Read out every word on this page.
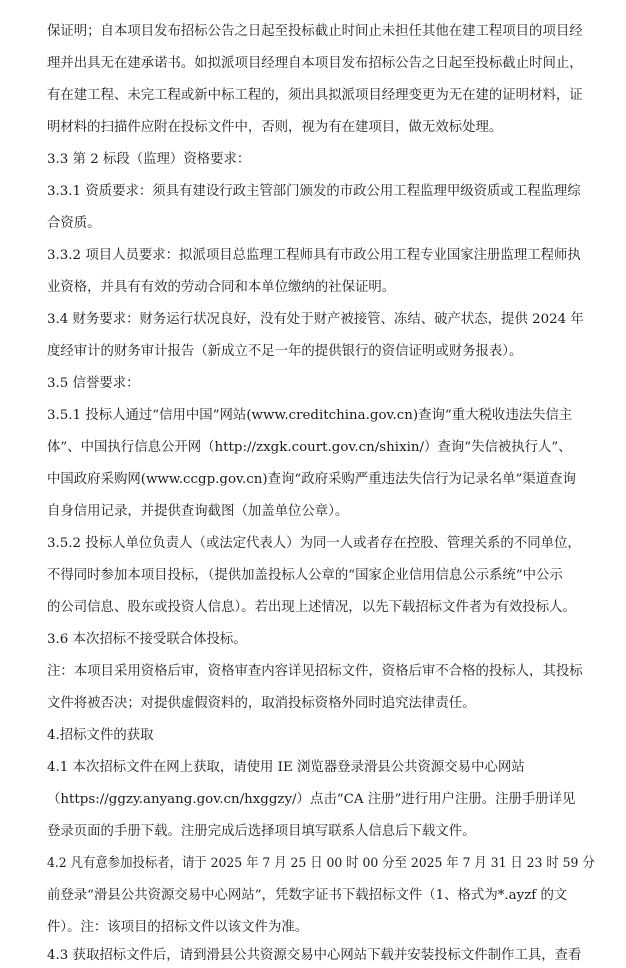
保证明；自本项目发布招标公告之日起至投标截止时间止未担任其他在建工程项目的项目经

理并出具无在建承诺书。如拟派项目经理自本项目发布招标公告之日起至投标截止时间止，

有在建工程、未完工程或新中标工程的，须出具拟派项目经理变更为无在建的证明材料，证

明材料的扫描件应附在投标文件中，否则，视为有在建项目，做无效标处理。

3.3 第 2 标段（监理）资格要求：

3.3.1 资质要求：须具有建设行政主管部门颁发的市政公用工程监理甲级资质或工程监理综

合资质。

3.3.2 项目人员要求：拟派项目总监理工程师具有市政公用工程专业国家注册监理工程师执

业资格，并具有有效的劳动合同和本单位缴纳的社保证明。

3.4 财务要求：财务运行状况良好，没有处于财产被接管、冻结、破产状态，提供 2024 年

度经审计的财务审计报告（新成立不足一年的提供银行的资信证明或财务报表）。

3.5 信誉要求：

3.5.1 投标人通过“信用中国”网站(www.creditchina.gov.cn)查询“重大税收违法失信主

体”、中国执行信息公开网（http://zxgk.court.gov.cn/shixin/）查询“失信被执行人”、

中国政府采购网(www.ccgp.gov.cn)查询“政府采购严重违法失信行为记录名单”渠道查询

自身信用记录，并提供查询截图（加盖单位公章）。

3.5.2 投标人单位负责人（或法定代表人）为同一人或者存在控股、管理关系的不同单位，

不得同时参加本项目投标，（提供加盖投标人公章的“国家企业信用信息公示系统”中公示

的公司信息、股东或投资人信息）。若出现上述情况，以先下载招标文件者为有效投标人。

3.6 本次招标不接受联合体投标。

注：本项目采用资格后审，资格审查内容详见招标文件，资格后审不合格的投标人，其投标

文件将被否决；对提供虚假资料的，取消投标资格外同时追究法律责任。

4.招标文件的获取

4.1 本次招标文件在网上获取，请使用 IE 浏览器登录滑县公共资源交易中心网站

（https://ggzy.anyang.gov.cn/hxggzy/）点击“CA 注册”进行用户注册。注册手册详见

登录页面的手册下载。注册完成后选择项目填写联系人信息后下载文件。

4.2 凡有意参加投标者，请于 2025 年 7 月 25 日 00 时 00 分至 2025 年 7 月 31 日 23 时 59 分

前登录“滑县公共资源交易中心网站”，凭数字证书下载招标文件（1、格式为*.ayzf 的文

件）。注：该项目的招标文件以该文件为准。

4.3 获取招标文件后，请到滑县公共资源交易中心网站下载并安装投标文件制作工具，查看
